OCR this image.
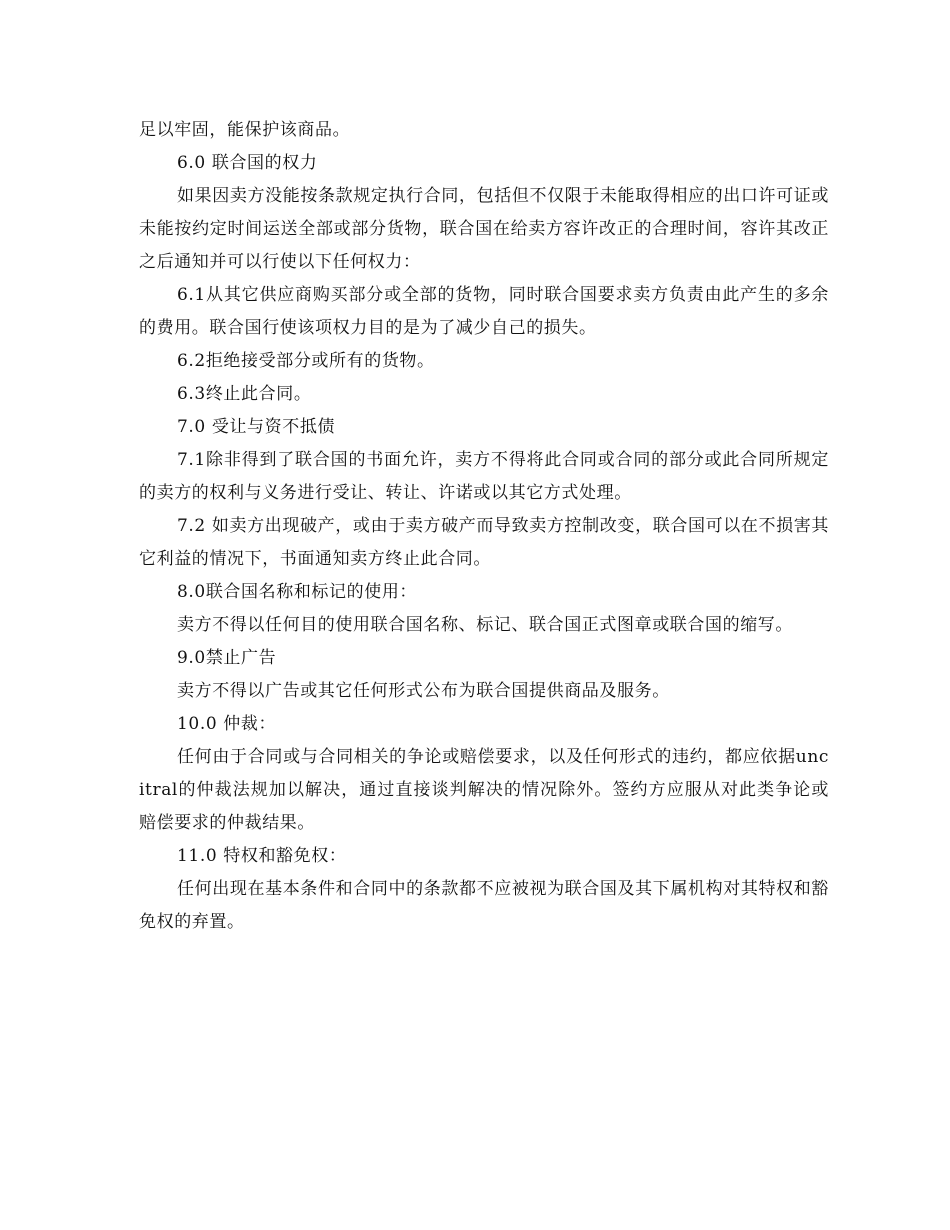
足以牢固，能保护该商品。

6.0 联合国的权力

如果因卖方没能按条款规定执行合同，包括但不仅限于未能取得相应的出口许可证或未能按约定时间运送全部或部分货物，联合国在给卖方容许改正的合理时间，容许其改正之后通知并可以行使以下任何权力：

6.1从其它供应商购买部分或全部的货物，同时联合国要求卖方负责由此产生的多余的费用。联合国行使该项权力目的是为了减少自己的损失。

6.2拒绝接受部分或所有的货物。

6.3终止此合同。

7.0 受让与资不抵债

7.1除非得到了联合国的书面允许，卖方不得将此合同或合同的部分或此合同所规定的卖方的权利与义务进行受让、转让、许诺或以其它方式处理。

7.2 如卖方出现破产，或由于卖方破产而导致卖方控制改变，联合国可以在不损害其它利益的情况下，书面通知卖方终止此合同。

8.0联合国名称和标记的使用：

卖方不得以任何目的使用联合国名称、标记、联合国正式图章或联合国的缩写。

9.0禁止广告

卖方不得以广告或其它任何形式公布为联合国提供商品及服务。

10.0 仲裁：

任何由于合同或与合同相关的争论或赔偿要求，以及任何形式的违约，都应依据uncitral的仲裁法规加以解决，通过直接谈判解决的情况除外。签约方应服从对此类争论或赔偿要求的仲裁结果。

11.0 特权和豁免权：

任何出现在基本条件和合同中的条款都不应被视为联合国及其下属机构对其特权和豁免权的弃置。
